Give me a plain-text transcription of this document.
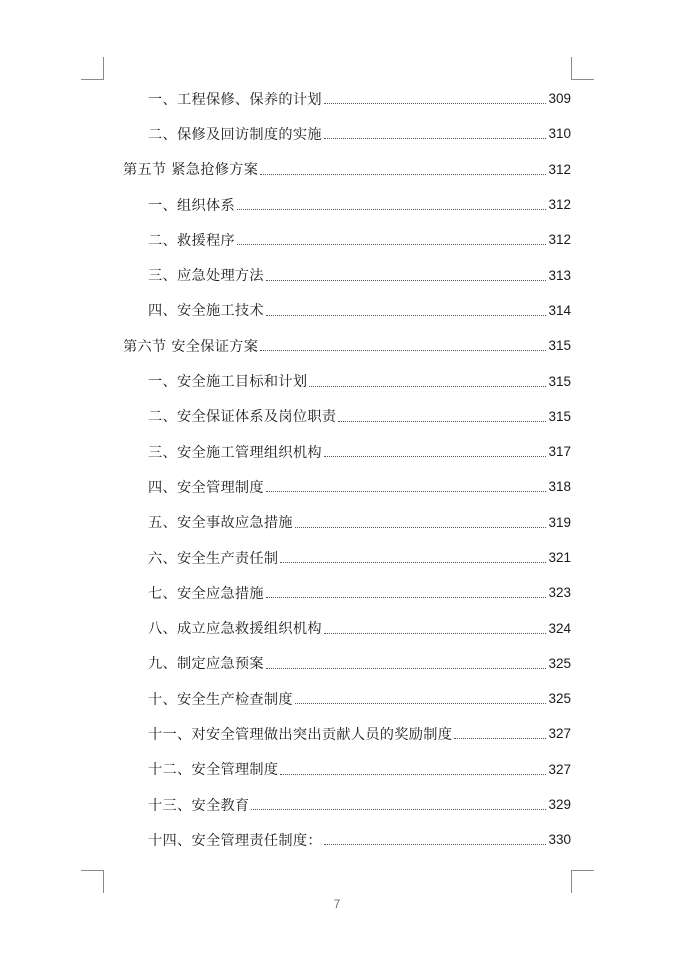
一、工程保修、保养的计划	309
二、保修及回访制度的实施	310
第五节 紧急抢修方案	312
一、组织体系	312
二、救援程序	312
三、应急处理方法	313
四、安全施工技术	314
第六节 安全保证方案	315
一、安全施工目标和计划	315
二、安全保证体系及岗位职责	315
三、安全施工管理组织机构	317
四、安全管理制度	318
五、安全事故应急措施	319
六、安全生产责任制	321
七、安全应急措施	323
八、成立应急救援组织机构	324
九、制定应急预案	325
十、安全生产检查制度	325
十一、对安全管理做出突出贡献人员的奖励制度	327
十二、安全管理制度	327
十三、安全教育	329
十四、安全管理责任制度：	330
7
